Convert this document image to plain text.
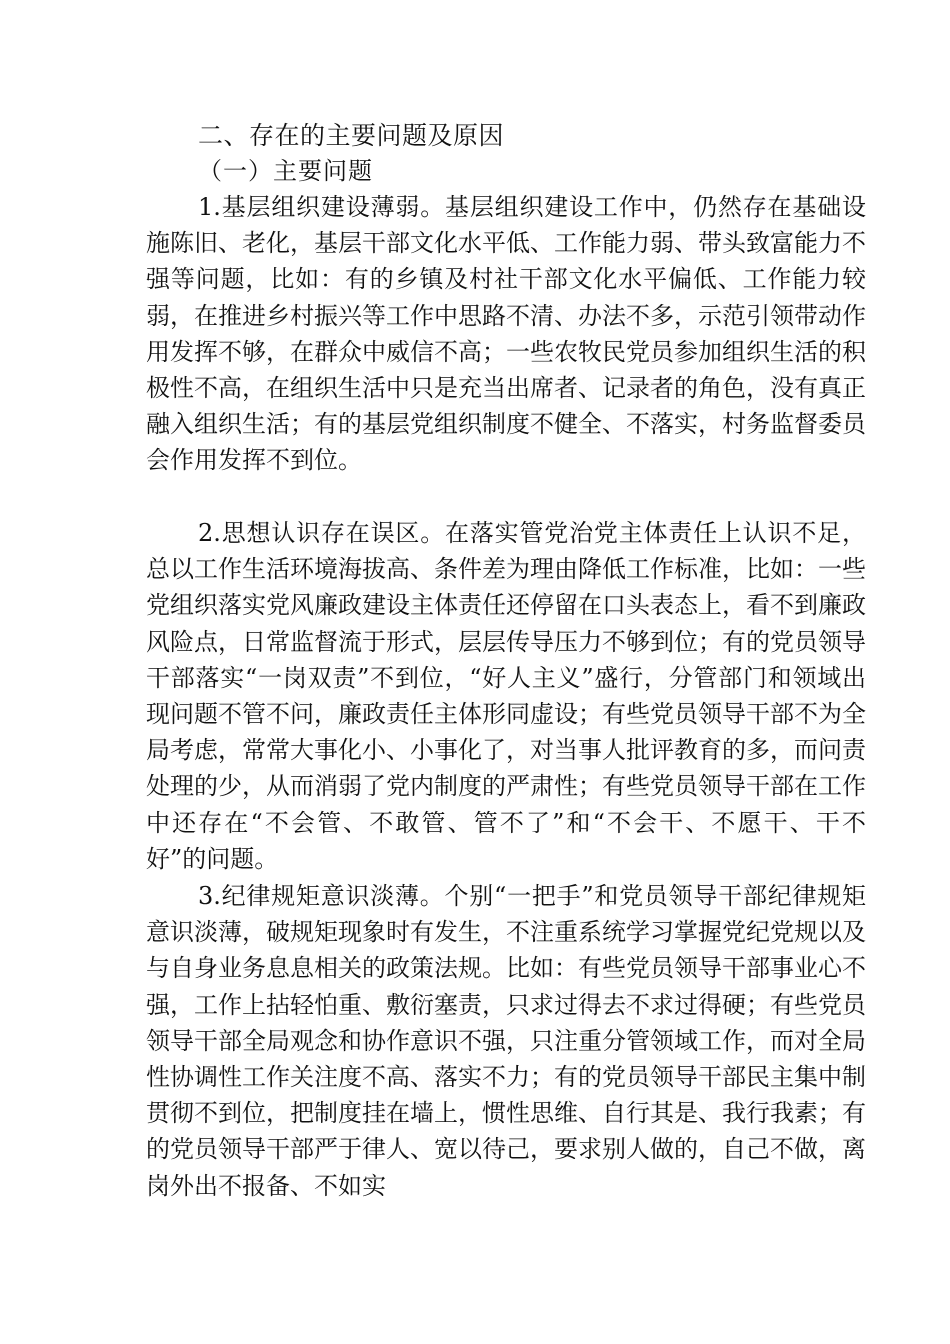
二、存在的主要问题及原因
（一）主要问题

1.基层组织建设薄弱。基层组织建设工作中，仍然存在基础设施陈旧、老化，基层干部文化水平低、工作能力弱、带头致富能力不强等问题，比如：有的乡镇及村社干部文化水平偏低、工作能力较弱，在推进乡村振兴等工作中思路不清、办法不多，示范引领带动作用发挥不够，在群众中威信不高；一些农牧民党员参加组织生活的积极性不高，在组织生活中只是充当出席者、记录者的角色，没有真正融入组织生活；有的基层党组织制度不健全、不落实，村务监督委员会作用发挥不到位。

2.思想认识存在误区。在落实管党治党主体责任上认识不足，总以工作生活环境海拔高、条件差为理由降低工作标准，比如：一些党组织落实党风廉政建设主体责任还停留在口头表态上，看不到廉政风险点，日常监督流于形式，层层传导压力不够到位；有的党员领导干部落实“一岗双责”不到位，“好人主义”盛行，分管部门和领域出现问题不管不问，廉政责任主体形同虚设；有些党员领导干部不为全局考虑，常常大事化小、小事化了，对当事人批评教育的多，而问责处理的少，从而消弱了党内制度的严肃性；有些党员领导干部在工作中还存在“不会管、不敢管、管不了”和“不会干、不愿干、干不好”的问题。

3.纪律规矩意识淡薄。个别“一把手”和党员领导干部纪律规矩意识淡薄，破规矩现象时有发生，不注重系统学习掌握党纪党规以及与自身业务息息相关的政策法规。比如：有些党员领导干部事业心不强，工作上拈轻怕重、敷衍塞责，只求过得去不求过得硬；有些党员领导干部全局观念和协作意识不强，只注重分管领域工作，而对全局性协调性工作关注度不高、落实不力；有的党员领导干部民主集中制贯彻不到位，把制度挂在墙上，惯性思维、自行其是、我行我素；有的党员领导干部严于律人、宽以待己，要求别人做的，自己不做，离岗外出不报备、不如实
